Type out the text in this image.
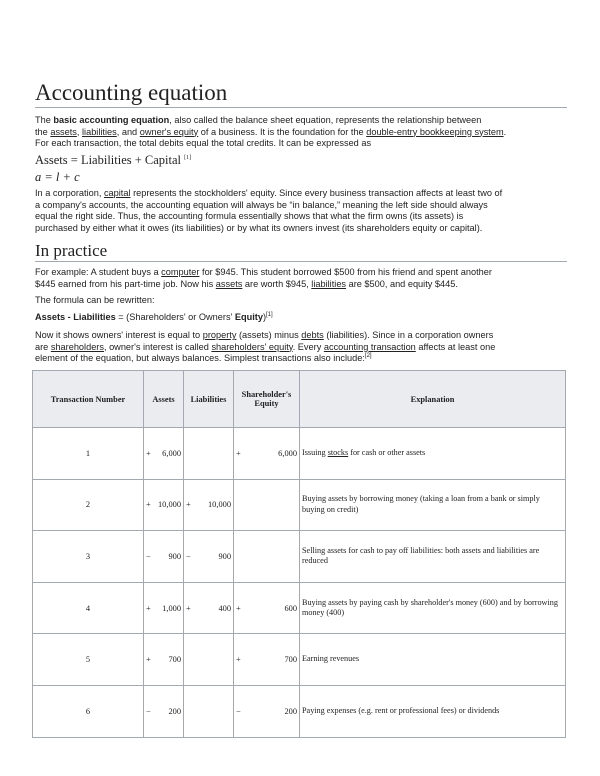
Accounting equation

The basic accounting equation, also called the balance sheet equation, represents the relationship between
the assets, liabilities, and owner's equity of a business. It is the foundation for the double-entry bookkeeping system.
For each transaction, the total debits equal the total credits. It can be expressed as

Assets = Liabilities + Capital [1]
a = l + c

In a corporation, capital represents the stockholders' equity. Since every business transaction affects at least two of
a company's accounts, the accounting equation will always be “in balance,” meaning the left side should always
equal the right side. Thus, the accounting formula essentially shows that what the firm owns (its assets) is
purchased by either what it owes (its liabilities) or by what its owners invest (its shareholders equity or capital).

In practice

For example: A student buys a computer for $945. This student borrowed $500 from his friend and spent another
$445 earned from his part-time job. Now his assets are worth $945, liabilities are $500, and equity $445.

The formula can be rewritten:

Assets - Liabilities = (Shareholders' or Owners' Equity)[1]

Now it shows owners' interest is equal to property (assets) minus debts (liabilities). Since in a corporation owners
are shareholders, owner's interest is called shareholders' equity. Every accounting transaction affects at least one
element of the equation, but always balances. Simplest transactions also include:[2]

Transaction Number	Assets	Liabilities	Shareholder's Equity	Explanation
1	+ 6,000		+ 6,000	Issuing stocks for cash or other assets
2	+ 10,000	+ 10,000		Buying assets by borrowing money (taking a loan from a bank or simply buying on credit)
3	− 900	− 900		Selling assets for cash to pay off liabilities: both assets and liabilities are reduced
4	+ 1,000	+ 400	+ 600	Buying assets by paying cash by shareholder's money (600) and by borrowing money (400)
5	+ 700		+ 700	Earning revenues
6	− 200		− 200	Paying expenses (e.g. rent or professional fees) or dividends
